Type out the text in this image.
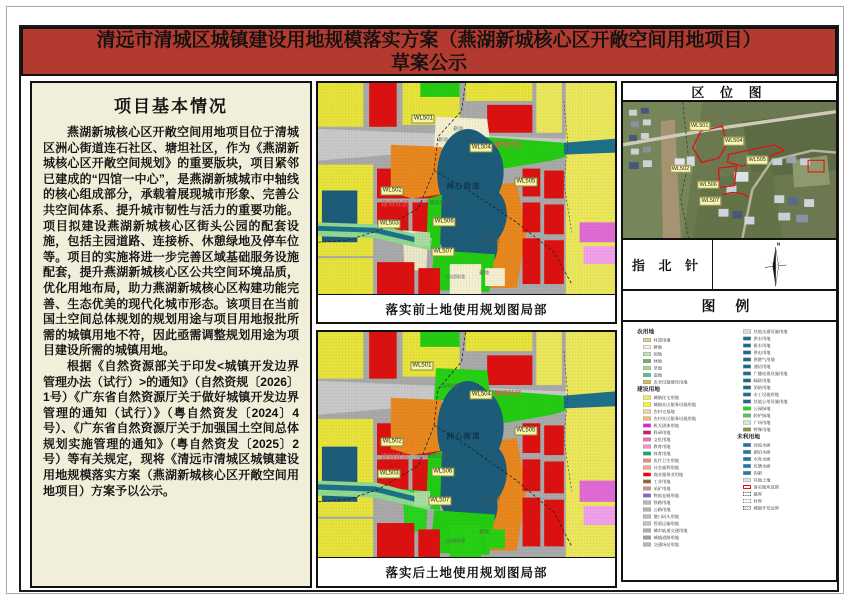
清远市清城区城镇建设用地规模落实方案（燕湖新城核心区开敞空间用地项目）
草案公示
项目基本情况

燕湖新城核心区开敞空间用地项目位于清城区洲心街道连石社区、塘坦社区，作为《燕湖新城核心区开敞空间规划》的重要版块，项目紧邻已建成的“四馆一中心”，是燕湖新城城市中轴线的核心组成部分，承载着展现城市形象、完善公共空间体系、提升城市韧性与活力的重要功能。项目拟建设燕湖新城核心区街头公园的配套设施，包括主园道路、连接桥、休憩绿地及停车位等。项目的实施将进一步完善区域基础服务设施配套，提升燕湖新城核心区公共空间环境品质，优化用地布局，助力燕湖新城核心区构建功能完善、生态优美的现代化城市形态。该项目在当前国土空间总体规划的规划用途与项目用地报批所需的城镇用地不符，因此亟需调整规划用途为项目建设所需的城镇用地。

根据《自然资源部关于印发<城镇开发边界管理办法（试行）>的通知》（自然资规〔2026〕1号）《广东省自然资源厅关于做好城镇开发边界管理的通知（试行）》（粤自然资发〔2024〕4号）、《广东省自然资源厅关于加强国土空间总体规划实施管理的通知》（粤自然资发〔2025〕2 号）等有关规定，现将《清远市清城区城镇建设用地规模落实方案（燕湖新城核心区开敞空间用地项目）方案予以公示。

WL501
WL502
WL503
WL504
WL505
WL506
WL507
塘坦社区
连石社区
洲心街道
耕地
耕地
人工湖周边用地
文化用地
耕地
公园绿地
落实前土地使用规划图局部
WL501
WL502
WL503
WL504
WL505
WL506
WL507
塘坦社区
连石社区
洲心街道
公园绿地
人工湖周边用地
文化用地
耕地
公园绿地
落实后土地使用规划图局部
区 位 图
WL501
WL504
WL505
WL502
WL506
WL507
指 北 针
N
图 例
农用地
村道用地
耕地
园地
林地
草地
湿地
农业设施建设用地
建设用地
城镇住宅用地
城镇社区服务设施用地
农村宅基地
农村社区服务设施用地
机关团体用地
科研用地
文化用地
教育用地
体育用地
医疗卫生用地
社会福利用地
商业服务业用地
工业用地
采矿用地
物流仓储用地
铁路用地
公路用地
港口码头用地
管道运输用地
城市轨道交通用地
城镇道路用地
交通场站用地
其他交通设施用地
供水用地
排水用地
供电用地
供燃气用地
通信用地
广播电视设施用地
邮政用地
消防用地
水工设施用地
其他公用设施用地
公园绿地
防护绿地
广场用地
特殊用地
未利用地
河流水面
湖泊水面
水库水面
坑塘水面
沟渠
其他土地
落实地块范围
镇界
村界
城镇开发边界
